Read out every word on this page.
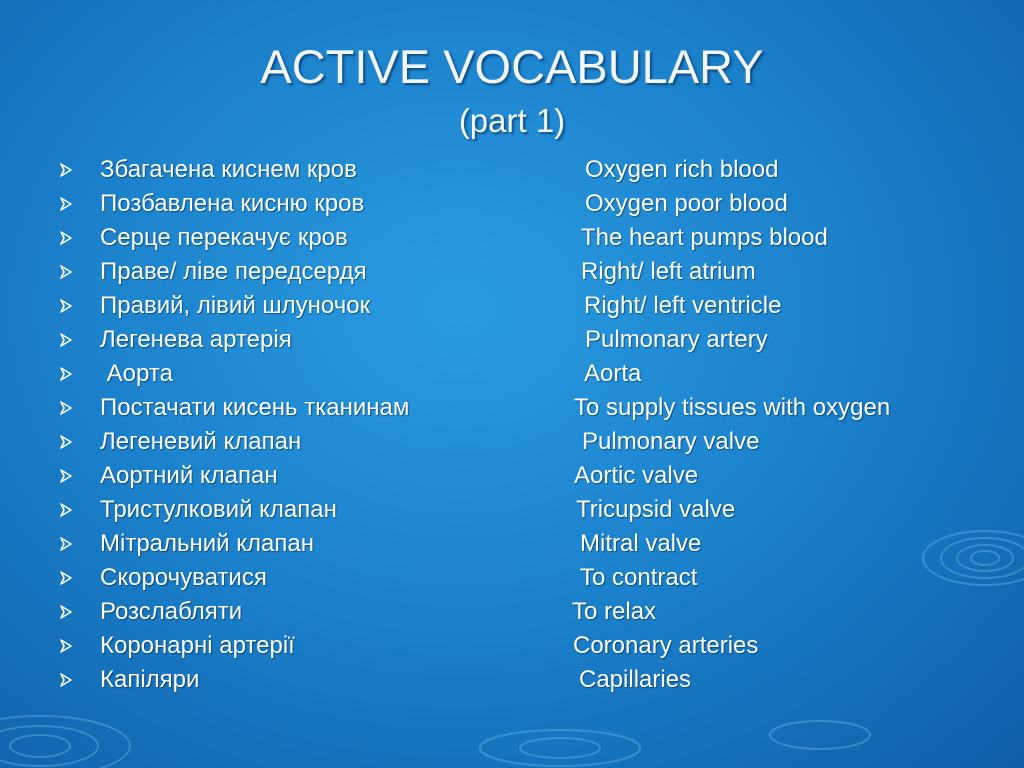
ACTIVE VOCABULARY
(part 1)
Збагачена киснем кров	Oxygen rich blood
Позбавлена кисню кров	Oxygen poor blood
Серце перекачує кров	The heart pumps blood
Праве/ ліве передсердя	Right/ left atrium
Правий, лівий шлуночок	Right/ left ventricle
Легенева артерія	Pulmonary artery
Аорта	Aorta
Постачати кисень тканинам	To supply tissues with oxygen
Легеневий клапан	Pulmonary valve
Аортний клапан	Aortic valve
Тристулковий клапан	Tricupsid valve
Мітральний клапан	Mitral valve
Скорочуватися	To contract
Розслабляти	To relax
Коронарні артерії	Coronary arteries
Капіляри	Capillaries
